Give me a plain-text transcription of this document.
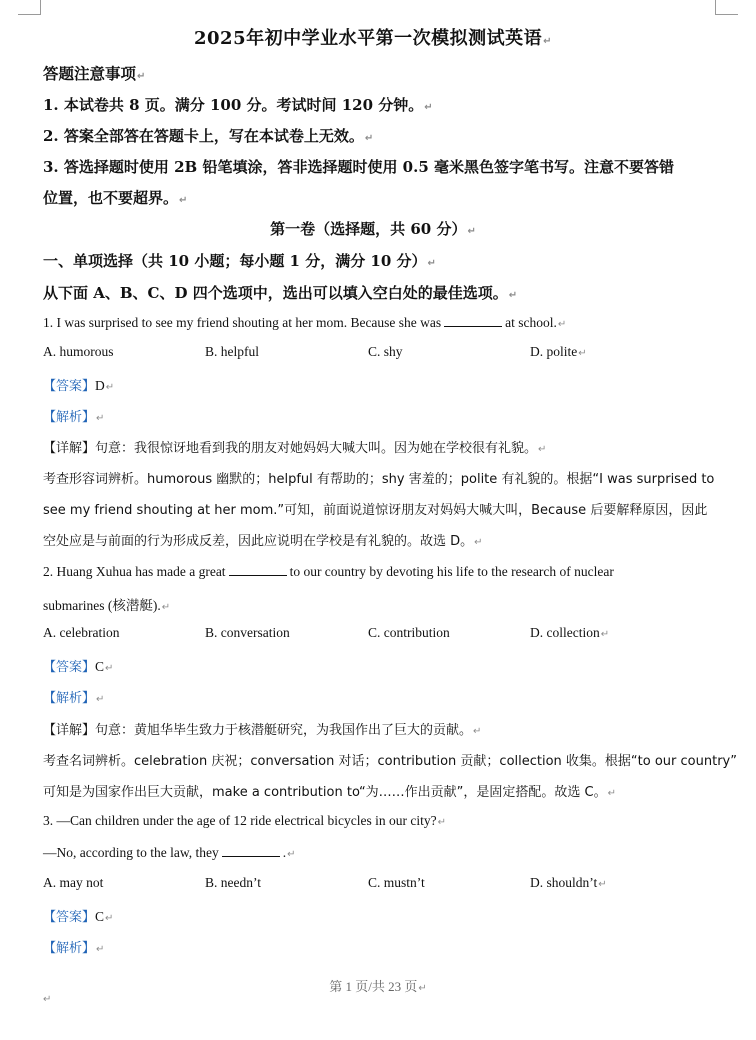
2025年初中学业水平第一次模拟测试英语↵
答题注意事项↵
1. 本试卷共 8 页。满分 100 分。考试时间 120 分钟。↵
2. 答案全部答在答题卡上，写在本试卷上无效。↵
3. 答选择题时使用 2B 铅笔填涂，答非选择题时使用 0.5 毫米黑色签字笔书写。注意不要答错
位置，也不要超界。↵
第一卷（选择题，共 60 分）↵
一、单项选择（共 10 小题；每小题 1 分，满分 10 分）↵
从下面 A、B、C、D 四个选项中，选出可以填入空白处的最佳选项。↵
1. I was surprised to see my friend shouting at her mom. Because she was	at school.↵
A. humorous	B. helpful	C. shy	D. polite↵
【答案】D↵
【解析】↵
【详解】句意：我很惊讶地看到我的朋友对她妈妈大喊大叫。因为她在学校很有礼貌。↵
考查形容词辨析。humorous 幽默的；helpful 有帮助的；shy 害羞的；polite 有礼貌的。根据“I was surprised to
see my friend shouting at her mom.”可知，前面说道惊讶朋友对妈妈大喊大叫，Because 后要解释原因，因此
空处应是与前面的行为形成反差，因此应说明在学校是有礼貌的。故选 D。↵
2. Huang Xuhua has made a great	to our country by devoting his life to the research of nuclear
submarines (核潜艇).↵
A. celebration	B. conversation	C. contribution	D. collection↵
【答案】C↵
【解析】↵
【详解】句意：黄旭华毕生致力于核潜艇研究，为我国作出了巨大的贡献。↵
考查名词辨析。celebration 庆祝；conversation 对话；contribution 贡献；collection 收集。根据“to our country”
可知是为国家作出巨大贡献，make a contribution to“为……作出贡献”，是固定搭配。故选 C。↵
3. —Can children under the age of 12 ride electrical bicycles in our city?↵
—No, according to the law, they	.↵
A. may not	B. needn’t	C. mustn’t	D. shouldn’t↵
【答案】C↵
【解析】↵
第 1 页/共 23 页↵
↵
